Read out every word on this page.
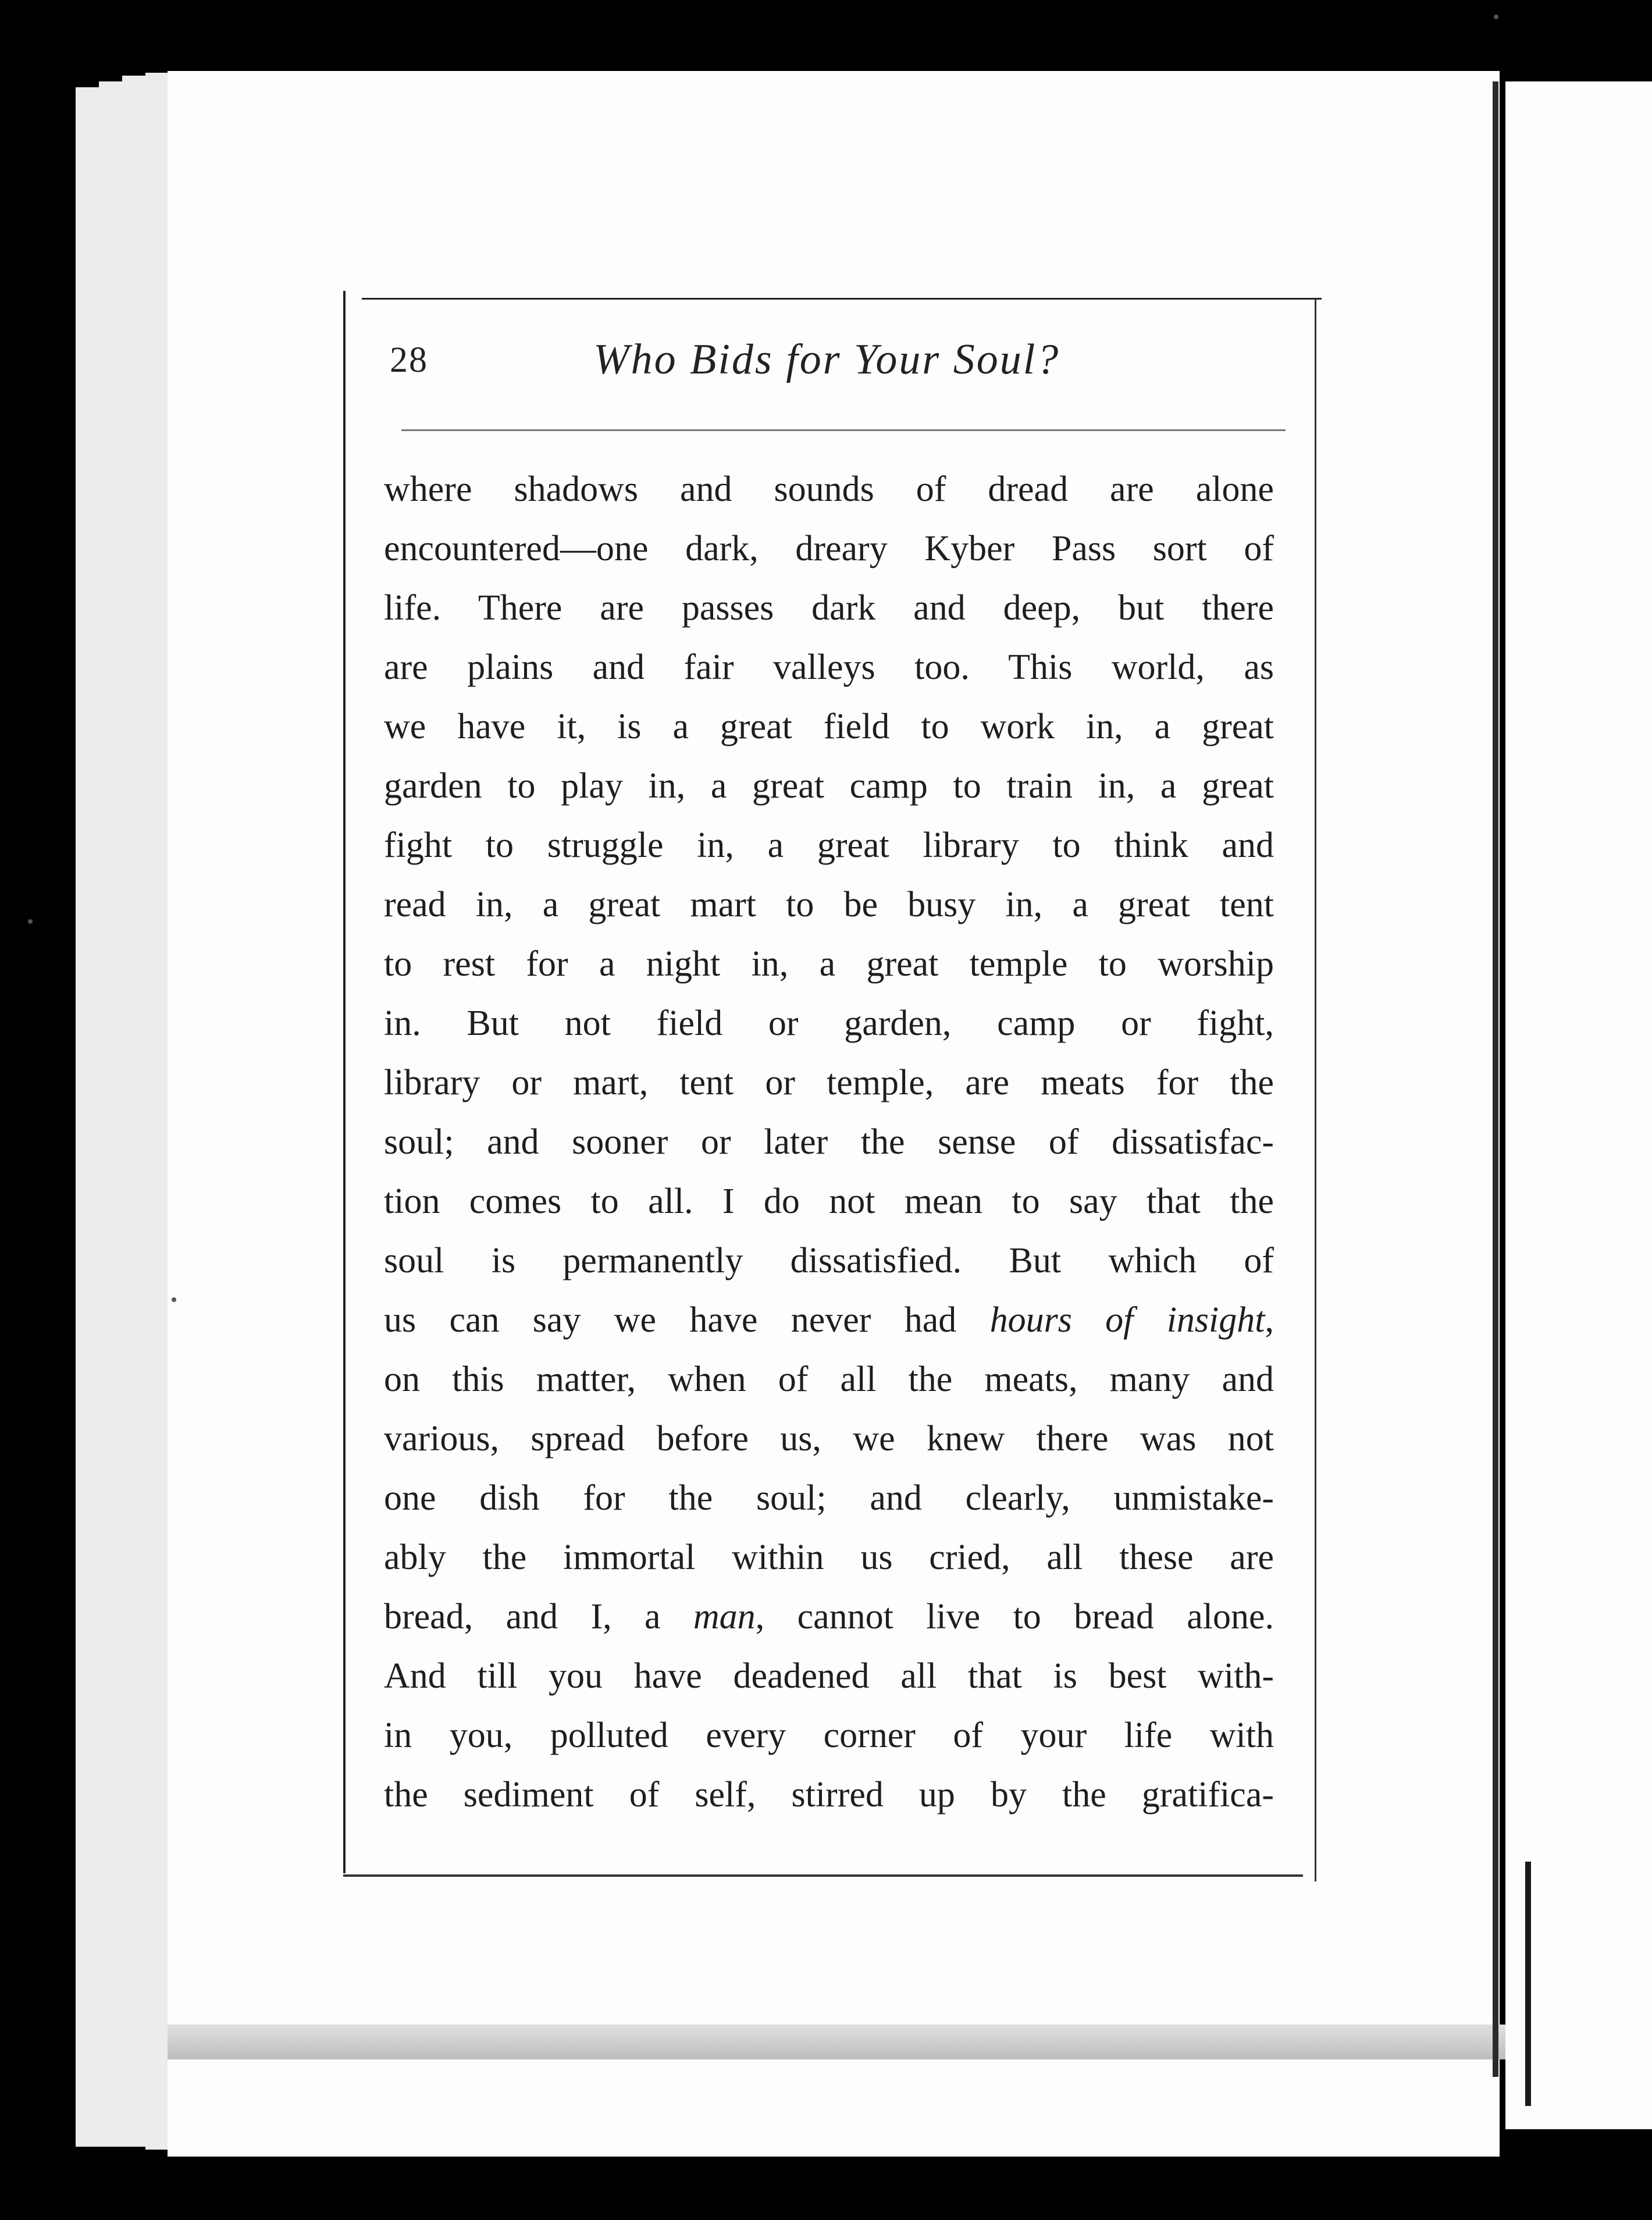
28	Who Bids for Your Soul?
where shadows and sounds of dread are alone
encountered—one dark, dreary Kyber Pass sort of
life. There are passes dark and deep, but there
are plains and fair valleys too. This world, as
we have it, is a great field to work in, a great
garden to play in, a great camp to train in, a great
fight to struggle in, a great library to think and
read in, a great mart to be busy in, a great tent
to rest for a night in, a great temple to worship
in. But not field or garden, camp or fight,
library or mart, tent or temple, are meats for the
soul; and sooner or later the sense of dissatisfac-
tion comes to all. I do not mean to say that the
soul is permanently dissatisfied. But which of
us can say we have never had hours of insight,
on this matter, when of all the meats, many and
various, spread before us, we knew there was not
one dish for the soul; and clearly, unmistake-
ably the immortal within us cried, all these are
bread, and I, a man, cannot live to bread alone.
And till you have deadened all that is best with-
in you, polluted every corner of your life with
the sediment of self, stirred up by the gratifica-
